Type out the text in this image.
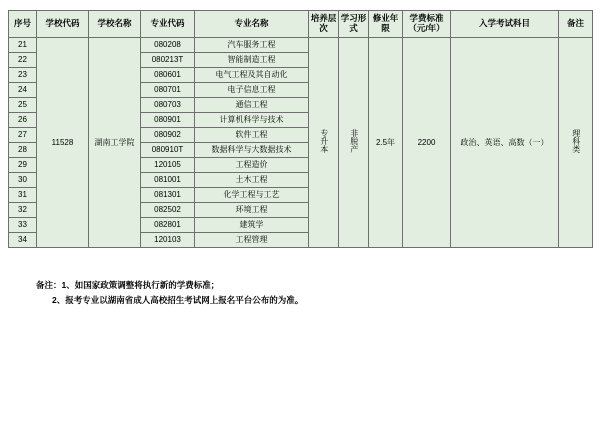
序号	学校代码	学校名称	专业代码	专业名称	培养层次	学习形式	修业年限	学费标准（元/年）	入学考试科目	备注
21	11528	湖南工学院	080208	汽车服务工程	专升本	非脱产	2.5年	2200	政治、英语、高数（一）	理科类
22			080213T	智能制造工程						
23			080601	电气工程及其自动化						
24			080701	电子信息工程						
25			080703	通信工程						
26			080901	计算机科学与技术						
27			080902	软件工程						
28			080910T	数据科学与大数据技术						
29			120105	工程造价						
30			081001	土木工程						
31			081301	化学工程与工艺						
32			082502	环境工程						
33			082801	建筑学						
34			120103	工程管理						
备注：1、如国家政策调整将执行新的学费标准；
2、报考专业以湖南省成人高校招生考试网上报名平台公布的为准。
